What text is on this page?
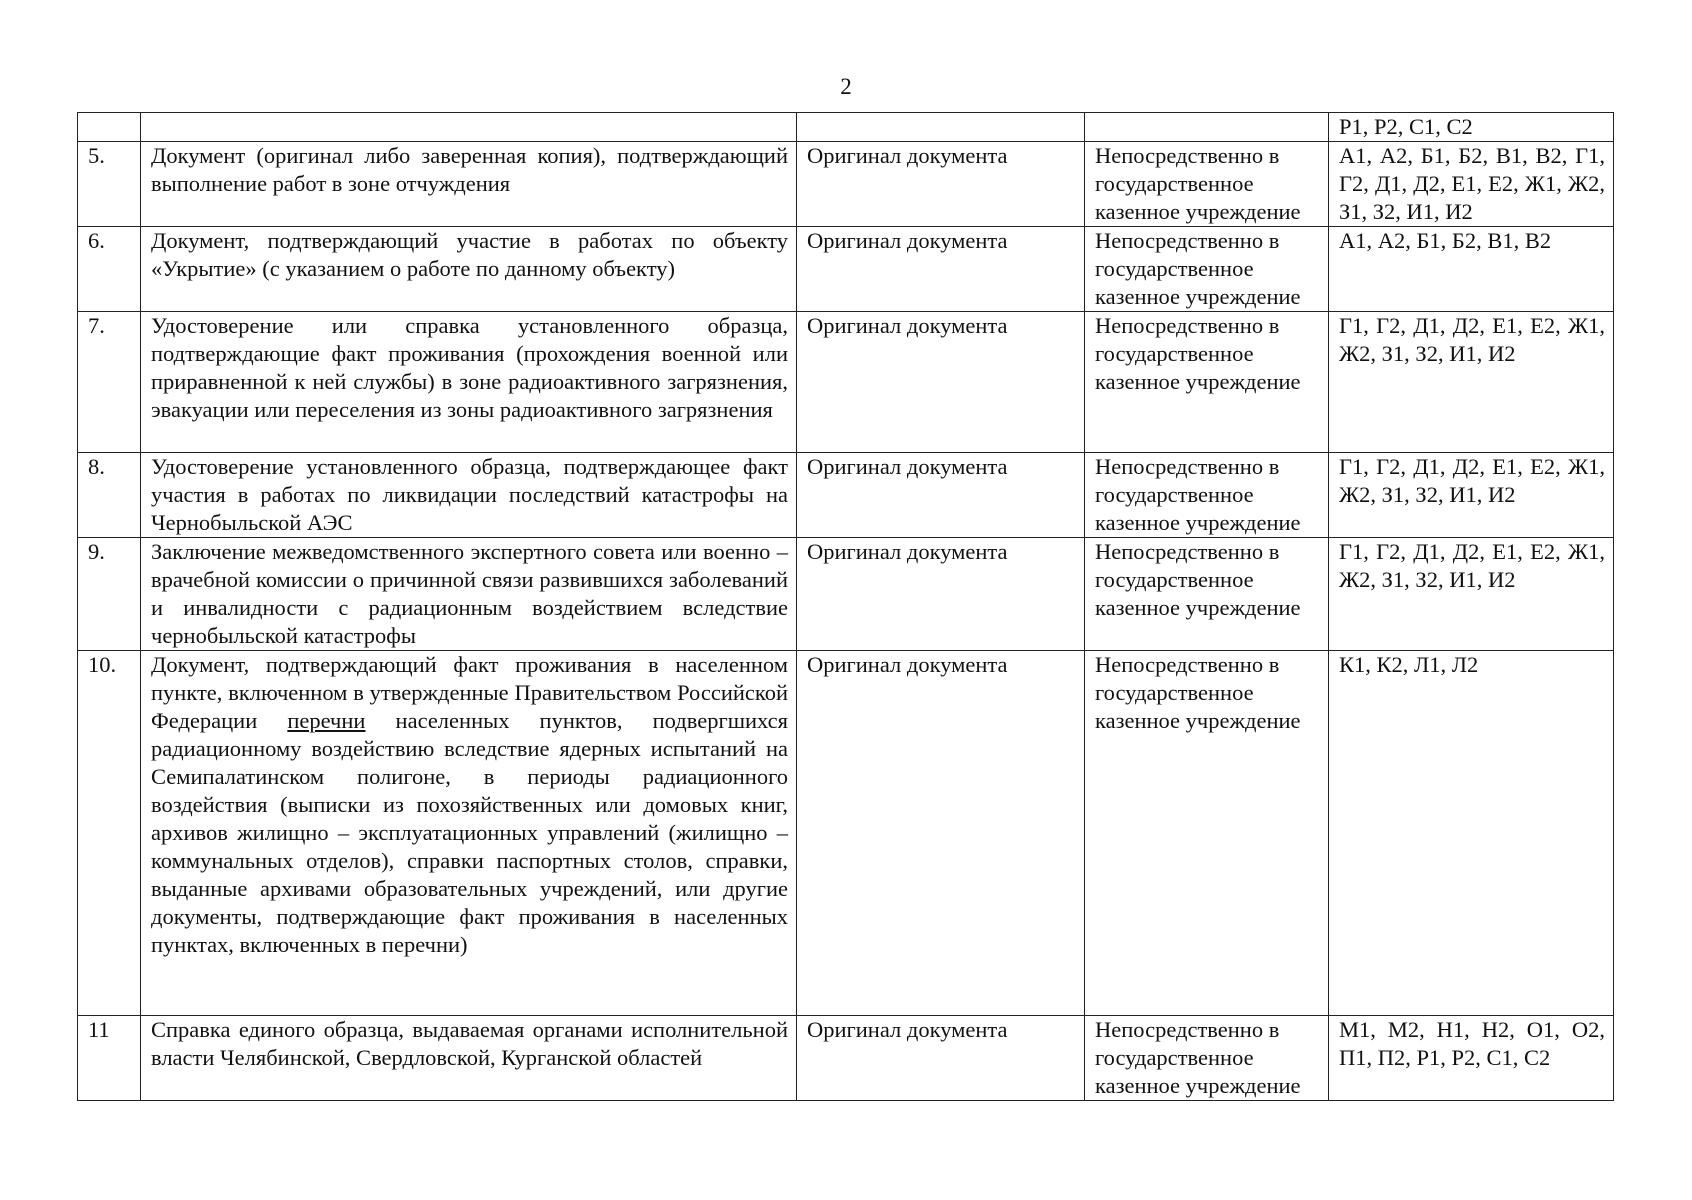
2
				Р1, Р2, С1, С2
5.	Документ (оригинал либо заверенная копия), подтверждающий выполнение работ в зоне отчуждения	Оригинал документа	Непосредственно в государственное казенное учреждение	А1, А2, Б1, Б2, В1, В2, Г1, Г2, Д1, Д2, Е1, Е2, Ж1, Ж2, З1, З2, И1, И2
6.	Документ, подтверждающий участие в работах по объекту «Укрытие» (с указанием о работе по данному объекту)	Оригинал документа	Непосредственно в государственное казенное учреждение	А1, А2, Б1, Б2, В1, В2
7.	Удостоверение или справка установленного образца, подтверждающие факт проживания (прохождения военной или приравненной к ней службы) в зоне радиоактивного загрязнения, эвакуации или переселения из зоны радиоактивного загрязнения	Оригинал документа	Непосредственно в государственное казенное учреждение	Г1, Г2, Д1, Д2, Е1, Е2, Ж1, Ж2, З1, З2, И1, И2
8.	Удостоверение установленного образца, подтверждающее факт участия в работах по ликвидации последствий катастрофы на Чернобыльской АЭС	Оригинал документа	Непосредственно в государственное казенное учреждение	Г1, Г2, Д1, Д2, Е1, Е2, Ж1, Ж2, З1, З2, И1, И2
9.	Заключение межведомственного экспертного совета или военно – врачебной комиссии о причинной связи развившихся заболеваний и инвалидности с радиационным воздействием вследствие чернобыльской катастрофы	Оригинал документа	Непосредственно в государственное казенное учреждение	Г1, Г2, Д1, Д2, Е1, Е2, Ж1, Ж2, З1, З2, И1, И2
10.	Документ, подтверждающий факт проживания в населенном пункте, включенном в утвержденные Правительством Российской Федерации перечни населенных пунктов, подвергшихся радиационному воздействию вследствие ядерных испытаний на Семипалатинском полигоне, в периоды радиационного воздействия (выписки из похозяйственных или домовых книг, архивов жилищно – эксплуатационных управлений (жилищно – коммунальных отделов), справки паспортных столов, справки, выданные архивами образовательных учреждений, или другие документы, подтверждающие факт проживания в населенных пунктах, включенных в перечни)	Оригинал документа	Непосредственно в государственное казенное учреждение	К1, К2, Л1, Л2
11	Справка единого образца, выдаваемая органами исполнительной власти Челябинской, Свердловской, Курганской областей	Оригинал документа	Непосредственно в государственное казенное учреждение	М1, М2, Н1, Н2, О1, О2, П1, П2, Р1, Р2, С1, С2
